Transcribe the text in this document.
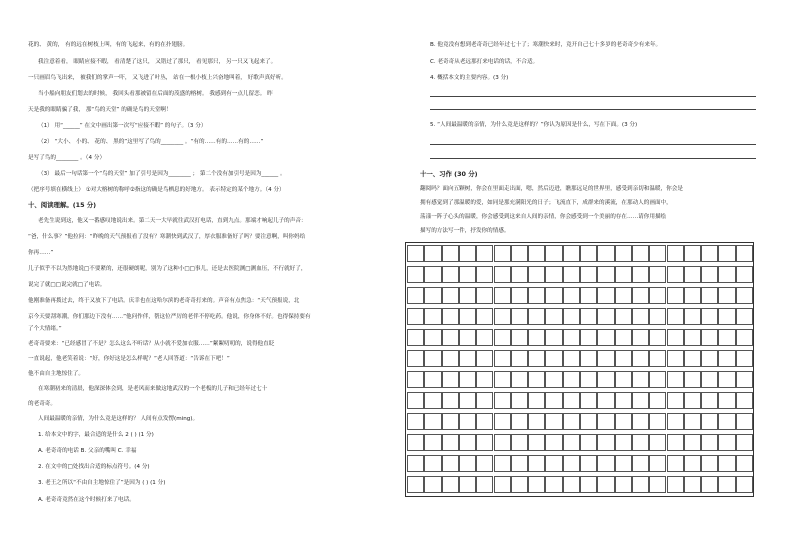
花的、 黄的， 有的远在树枝上叫，有的飞起来，有的在扑翅膀。
我注意着看， 眼睛应接不暇， 看清楚了这只， 又错过了那只， 看见那只， 另一只又飞起来了。
一只画眉鸟飞出来， 被我们的掌声一吓， 又飞进了叶丛， 站在一根小枝上兴奋地叫着， 好歌声真好听。
当小船向朋友们划去的时候， 我回头看那被留在后面的茂盛的榕树。 我感到有一点儿留恋。 昨
天是我的眼睛骗了我， 那“鸟的天堂” 的确是鸟的天堂啊！
（1） 用“______” 在文中画出第一次写“应接不暇” 的句子。（3 分）
（2） “大小、 小的、 花的、 黑的”这里写了鸟的________ 。“有的……有的……有的……”
是写了鸟的________ 。（4 分）
（3） 最后一句话第一个“鸟的天堂” 加了引号是因为________ ； 第二个没有加引号是因为______ 。
（把序号填在横线上） ①对大榕树的称呼②指这的确是鸟栖息的好地方。 表示特定的某个地方。（4 分）
十、阅读理解。(15 分)
老先生说到这，他又一番感叹地说出来。第二天一大早就往武汉打电话，直到九点。那端才响起儿子的声音：
“爸，什么事？”他拉问：“昨晚的天气预报看了没有？寒潮快到武汉了，厚衣服准备好了吗？要注意啊，叫你妈给
你再……”
儿子似乎不以为然地说□不要紧的，还很硬朗呢，别为了这种小□□事儿，还是去医院测□测血压，不行就好了，
说完了就□□说完就□了电话。
他刚准备再拨过去，终于又放下了电话。庆幸也在这哈尔滨的老奇奇打来的。声音有点焦急：“天气预报说，北
京今天要刮寒潮，你们那边下没有……”他问作伴，帮这位严厉的老伴不停吃药。他说，你身体不好。也得保持要有
了个大情绪。”
老奇奇要来：“已经感冒了不是？怎么这么不听话？从小就不爱加衣服……”絮絮叨叨的，说得他直眨
一直说起，他老笑着说：“好，你好这是怎么样呢？”老人回答道：“告诉在下吧！”
他不由自主地惊住了。
在寒潮初来的清晨，他深深体会到，是老风而来做这地武汉的一个老板的儿子和已经年过七十
的老奇奇。
人间最温暖的亲情，为什么竟是这样的？ 人间有点发愣(ming)。
1. 给本文中的字，最合适的是什么 2 ( ) (1 分)
A. 老奇奇的电话 B. 父亲的嘴叫 C. 幸福
2. 在文中的□处找出合适的标点符号。(4 分)
3. 老王之所以“不由自主地惊住了”是因为 ( ) (1 分)
A. 老奇奇竟然在这个时候打来了电话。
B. 他竟没有想到老奇奇已经年过七十了；寒潮快来时，竟开自己七十多岁的老奇奇少有来年。
C. 老奇奇从老远那打来电话的话，不合适。
4. 概括本文的主要内容。(3 分)
5. “人间最温暖的亲情，为什么竟是这样的？”你认为原因是什么，写在下面。(3 分)
十一、习作 (30 分)
翻阅吗？面向五颗树，你会在里面走出面，嗯，然后迈进，瞧那远足的世界里，感受到亲切和温暖，你会是
拥有感觉到了那温暖的爱，如同是那充满阳光的日子；飞流直下，成群来的溪流，在那动人的画面中，
荡漾一阵子心头的温暖，你会感受到这来自人间的亲情，你会感受到一个美丽的存在……请你用描绘
描写的方法写一件，抒发你的情感。
